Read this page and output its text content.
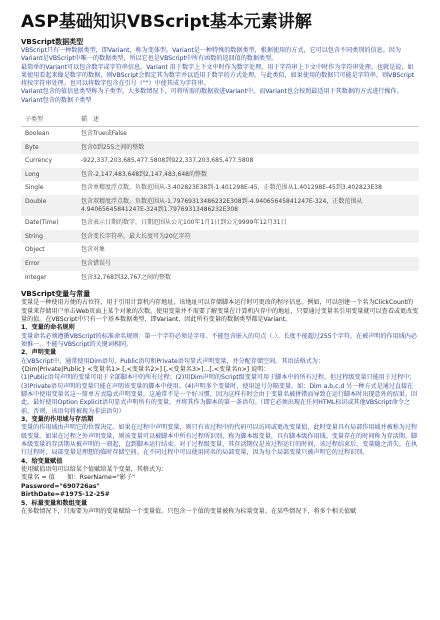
ASP基础知识VBScript基本元素讲解
VBScript数据类型

VBScript只有一种数据类型，即Variant，称为变体型。Variant是一种特殊的数据类型，根据使用的方式，它可以包含不同类别的信息。因为Variant是VBScript中唯一的数据类型，所以它也是VBScript中所有函数的返回值的数据类型。

最简单的Variant可以包含数字或字符串信息。Variant 用于数字上下文中时作为数字处理，用于字符串上下文中时作为字符串处理。也就是说，如果使用看起来像是数字的数据，则VBScript会假定其为数字并以适用于数字的方式处理。与此类似，如果使用的数据只可能是字符串，则VBScript将按字符串处理。也可以将数字包含在引号（""）中使其成为字符串。

Variant包含的值信息类型称为子类型。大多数情况下，可将所需的数据放进Variant中，而Variant也会按照最适用于其数据的方式进行操作。

Variant包含的数据子类型

子类型	描　述
Boolean	包含True或False
Byte	包含0到255之间的整数
Currency	-922,337,203,685,477.5808到922,337,203,685,477.5808
Long	包含-2,147,483,648到2,147,483,648的整数
Single	包含单精度浮点数，负数范围从-3.402823E38到-1.401298E-45，正数范围从1.401298E-45到3.402823E38
Double	包含双精度浮点数，负数范围从-1.79769313486232E308到-4.94065645841247E-324，正数范围从4.94065645841247E-324到1.79769313486232E308
Date(Time)	包含表示日期的数字，日期范围从公元100年1月1日到公元9999年12月31日
String	包含变长字符串，最大长度可为20亿字符
Object	包含对象
Error	包含错误号
Integer	包含32,768到32,767之间的整数
VBScript变量与常量

变量是一种使用方便的占位符，用于引用计算机内存地址，该地址可以存储脚本运行时可更改的程序信息。例如，可以创建一个名为ClickCount的变量来存储用户单击Web页面上某个对象的次数。使用变量并不需要了解变量在计算机内存中的地址，只要通过变量名引用变量就可以查看或更改变量的值。在VBScript中只有一个基本数据类型，即Variant，因此所有变量的数据类型都是Variant。

1、变量的命名规则

变量命名必须遵循VBScript的标准命名规则：第一个字符必须是字母。不能包含嵌入的句点（.）。长度不能超过255个字符。在被声明的作用域内必须惟一。不能与VBScript的关键词相同。

2、声明变量

在VBScript中，通常使用Dim语句、Public语句和Private语句显式声明变量，并分配存储空间。其语法格式为：

{Dim|Private|Public} <变量名1> [,<变量名2>] [,<变量名3>]...[,<变量名n>] 说明：

(1)Public语句声明的变量可用于全部脚本中的所有过程；(2)用Dim声明的Script级变量可用于脚本中的所有过程，但过程级变量只能用于过程中；(3)Private语句声明的变量只能在声明该变量的脚本中使用。(4)声明多个变量时，使用逗号分隔变量。如：Dim a,b,c,d 另一种方式是通过直接在脚本中使用变量名这一简单方式隐式声明变量。这通常不是一个好习惯，因为这样有时会由于变量名被拼错而导致在运行脚本时出现意外的结果。因此，最好使用Option Explicit语句显式声明所有的变量，并将其作为脚本的第一条语句。（即它必须出现在任何HTML标识或其他VBScript命令之前，否则，该语句将被视为非法语句）

3、变量的作用域与存活期

变量的作用域由声明它的位置决定。如果在过程中声明变量，则只有该过程中的代码可以访问或更改变量值，此时变量具有局部作用域并被称为过程级变量。如果在过程之外声明变量，则该变量可以被脚本中所有过程所识别，称为脚本级变量，具有脚本级作用域。变量存在的时间称为存活期。脚本级变量的存活期从被声明的一刻起，直到脚本运行结束。对于过程级变量，其存活期仅是该过程运行的时间，该过程结束后，变量随之消失。在执行过程时，局部变量是理想的临时存储空间。在不同过程中可以使用同名的局部变量，因为每个局部变量只被声明它的过程识别。

4、给变量赋值

使用赋值语句可以给某个值赋给某个变量，其格式为：

变量名 = 值　　如：RserName="影子"
Password="690726as"
BirthDate=#1975-12-25#
5、标量变量和数组变量

在多数情况下，只需要为声明的变量赋给一个变量值。只包含一个值的变量被称为标量变量。在某些情况下，将多个相关值赋
